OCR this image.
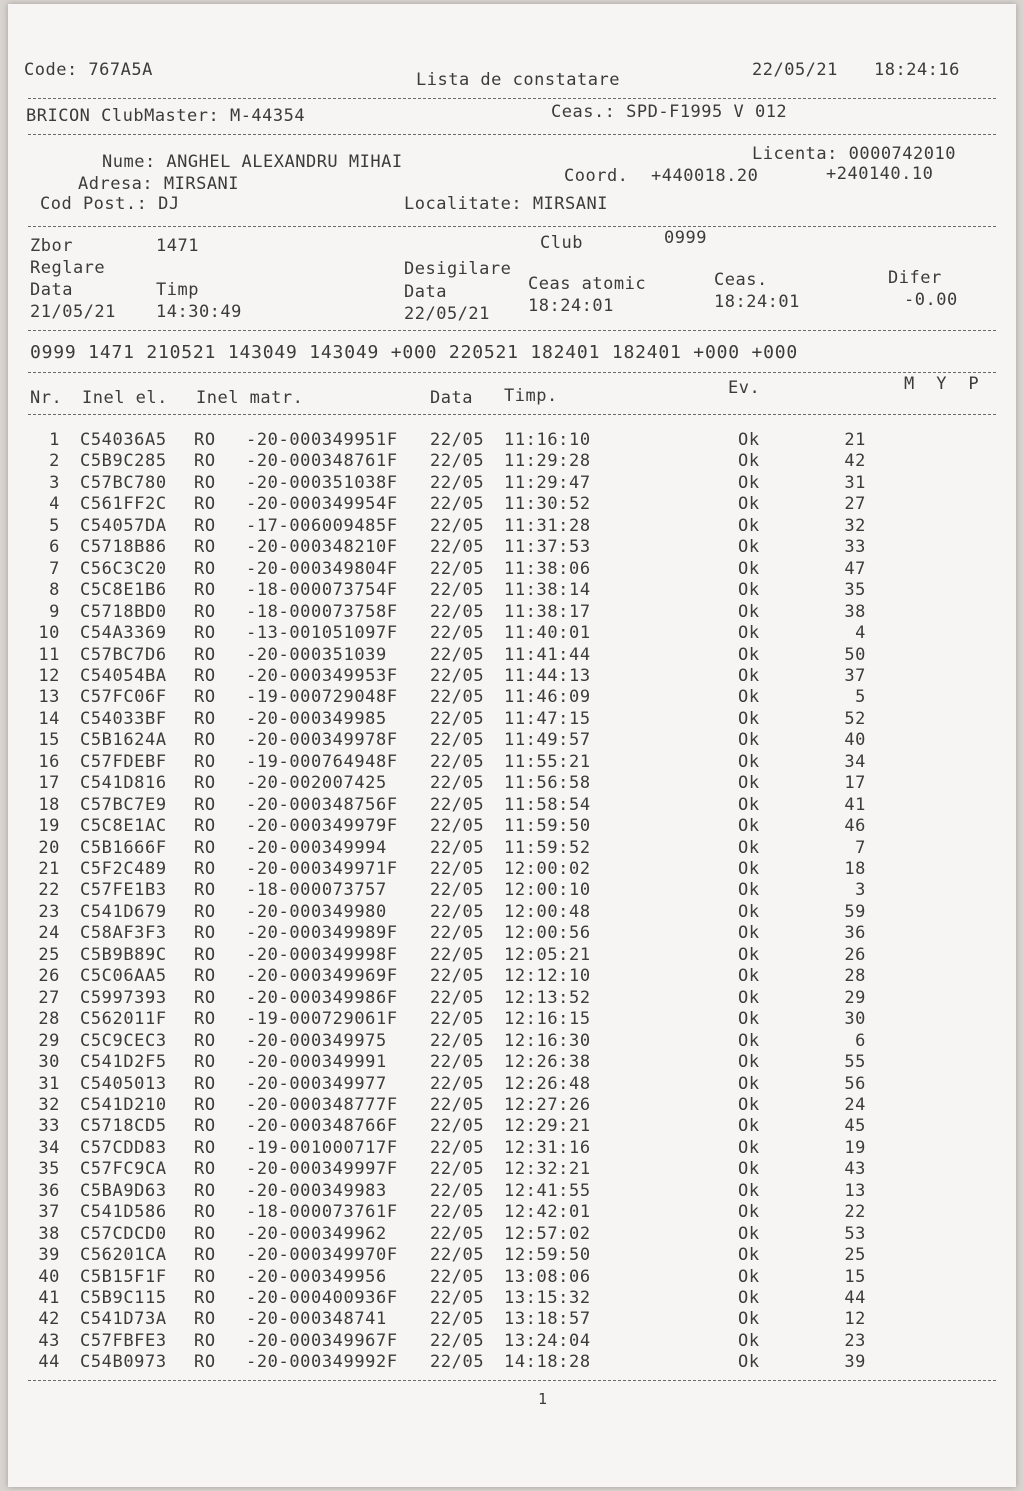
Code: 767A5A	Lista de constatare	22/05/21 18:24:16
BRICON ClubMaster: M-44354	Ceas.: SPD-F1995 V 012
Nume: ANGHEL ALEXANDRU MIHAI	Licenta: 0000742010
Adresa: MIRSANI	Coord. +440018.20	+240140.10
Cod Post.: DJ	Localitate: MIRSANI
Zbor	1471	Club	0999
Reglare	Desigilare
Data	Timp	Data	Ceas atomic	Ceas.	Difer
21/05/21 14:30:49	22/05/21 18:24:01	18:24:01	-0.00
0999 1471 210521 143049 143049 +000 220521 182401 182401 +000 +000
Nr. Inel el. Inel matr.	Data Timp.	Ev.	M  Y  P
1 C54036A5 RO -20-000349951F 22/05 11:16:10	Ok	21
2 C5B9C285 RO -20-000348761F 22/05 11:29:28	Ok	42
3 C57BC780 RO -20-000351038F 22/05 11:29:47	Ok	31
4 C561FF2C RO -20-000349954F 22/05 11:30:52	Ok	27
5 C54057DA RO -17-006009485F 22/05 11:31:28	Ok	32
6 C5718B86 RO -20-000348210F 22/05 11:37:53	Ok	33
7 C56C3C20 RO -20-000349804F 22/05 11:38:06	Ok	47
8 C5C8E1B6 RO -18-000073754F 22/05 11:38:14	Ok	35
9 C5718BD0 RO -18-000073758F 22/05 11:38:17	Ok	38
10 C54A3369 RO -13-001051097F 22/05 11:40:01	Ok	4
11 C57BC7D6 RO -20-000351039	22/05 11:41:44	Ok	50
12 C54054BA RO -20-000349953F 22/05 11:44:13	Ok	37
13 C57FC06F RO -19-000729048F 22/05 11:46:09	Ok	5
14 C54033BF RO -20-000349985	22/05 11:47:15	Ok	52
15 C5B1624A RO -20-000349978F 22/05 11:49:57	Ok	40
16 C57FDEBF RO -19-000764948F 22/05 11:55:21	Ok	34
17 C541D816 RO -20-002007425	22/05 11:56:58	Ok	17
18 C57BC7E9 RO -20-000348756F 22/05 11:58:54	Ok	41
19 C5C8E1AC RO -20-000349979F 22/05 11:59:50	Ok	46
20 C5B1666F RO -20-000349994	22/05 11:59:52	Ok	7
21 C5F2C489 RO -20-000349971F 22/05 12:00:02	Ok	18
22 C57FE1B3 RO -18-000073757	22/05 12:00:10	Ok	3
23 C541D679 RO -20-000349980	22/05 12:00:48	Ok	59
24 C58AF3F3 RO -20-000349989F 22/05 12:00:56	Ok	36
25 C5B9B89C RO -20-000349998F 22/05 12:05:21	Ok	26
26 C5C06AA5 RO -20-000349969F 22/05 12:12:10	Ok	28
27 C5997393 RO -20-000349986F 22/05 12:13:52	Ok	29
28 C562011F RO -19-000729061F 22/05 12:16:15	Ok	30
29 C5C9CEC3 RO -20-000349975	22/05 12:16:30	Ok	6
30 C541D2F5 RO -20-000349991	22/05 12:26:38	Ok	55
31 C5405013 RO -20-000349977	22/05 12:26:48	Ok	56
32 C541D210 RO -20-000348777F 22/05 12:27:26	Ok	24
33 C5718CD5 RO -20-000348766F 22/05 12:29:21	Ok	45
34 C57CDD83 RO -19-001000717F 22/05 12:31:16	Ok	19
35 C57FC9CA RO -20-000349997F 22/05 12:32:21	Ok	43
36 C5BA9D63 RO -20-000349983	22/05 12:41:55	Ok	13
37 C541D586 RO -18-000073761F 22/05 12:42:01	Ok	22
38 C57CDCD0 RO -20-000349962	22/05 12:57:02	Ok	53
39 C56201CA RO -20-000349970F 22/05 12:59:50	Ok	25
40 C5B15F1F RO -20-000349956	22/05 13:08:06	Ok	15
41 C5B9C115 RO -20-000400936F 22/05 13:15:32	Ok	44
42 C541D73A RO -20-000348741	22/05 13:18:57	Ok	12
43 C57FBFE3 RO -20-000349967F 22/05 13:24:04	Ok	23
44 C54B0973 RO -20-000349992F 22/05 14:18:28	Ok	39
1
